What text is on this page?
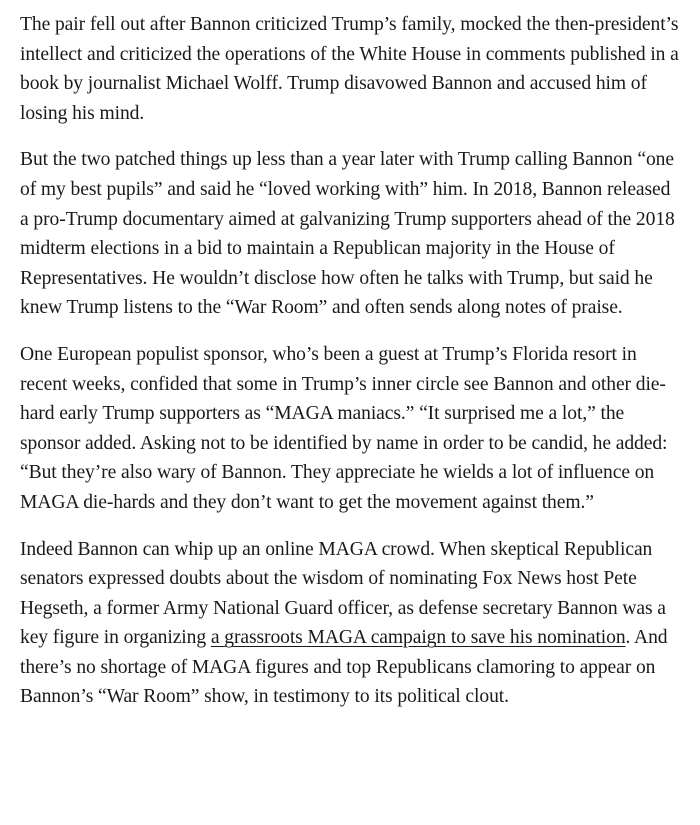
The pair fell out after Bannon criticized Trump’s family, mocked the then-president’s intellect and criticized the operations of the White House in comments published in a book by journalist Michael Wolff. Trump disavowed Bannon and accused him of losing his mind.

But the two patched things up less than a year later with Trump calling Bannon “one of my best pupils” and said he “loved working with” him. In 2018, Bannon released a pro-Trump documentary aimed at galvanizing Trump supporters ahead of the 2018 midterm elections in a bid to maintain a Republican majority in the House of Representatives. He wouldn’t disclose how often he talks with Trump, but said he knew Trump listens to the “War Room” and often sends along notes of praise.

One European populist sponsor, who’s been a guest at Trump’s Florida resort in recent weeks, confided that some in Trump’s inner circle see Bannon and other die-hard early Trump supporters as “MAGA maniacs.” “It surprised me a lot,” the sponsor added. Asking not to be identified by name in order to be candid, he added: “But they’re also wary of Bannon. They appreciate he wields a lot of influence on MAGA die-hards and they don’t want to get the movement against them.”

Indeed Bannon can whip up an online MAGA crowd. When skeptical Republican senators expressed doubts about the wisdom of nominating Fox News host Pete Hegseth, a former Army National Guard officer, as defense secretary Bannon was a key figure in organizing a grassroots MAGA campaign to save his nomination. And there’s no shortage of MAGA figures and top Republicans clamoring to appear on Bannon’s “War Room” show, in testimony to its political clout.
